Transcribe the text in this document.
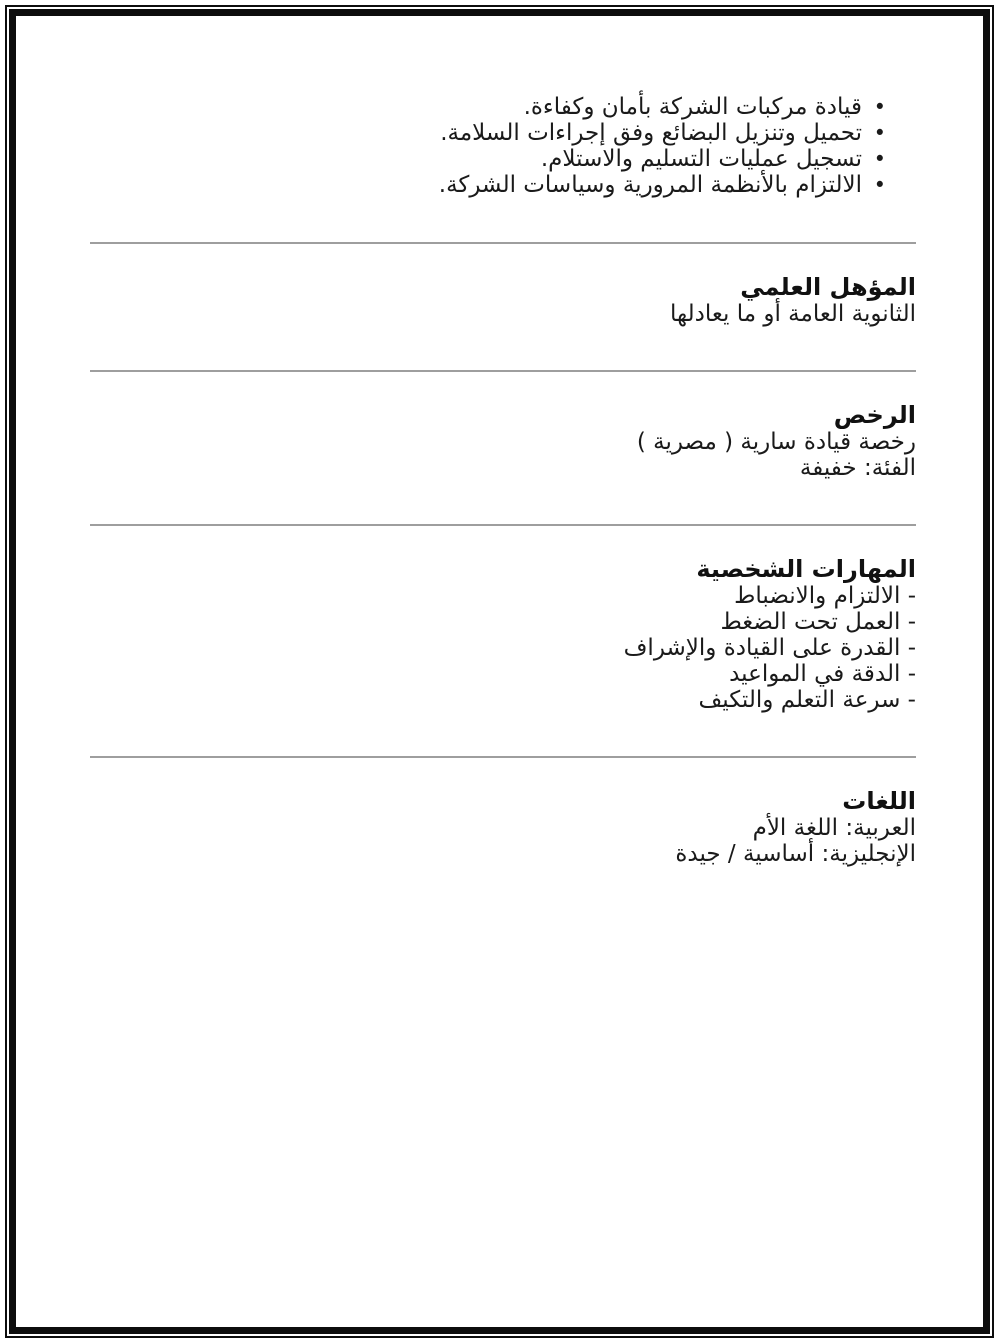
•
قيادة مركبات الشركة بأمان وكفاءة.
•
تحميل وتنزيل البضائع وفق إجراءات السلامة.
•
تسجيل عمليات التسليم والاستلام.
•
الالتزام بالأنظمة المرورية وسياسات الشركة.
المؤهل العلمي

الثانوية العامة أو ما يعادلها

الرخص

رخصة قيادة سارية ( مصرية )

الفئة: خفيفة

المهارات الشخصية

- الالتزام والانضباط

- العمل تحت الضغط

- القدرة على القيادة والإشراف

- الدقة في المواعيد

- سرعة التعلم والتكيف

اللغات

العربية: اللغة الأم

الإنجليزية: أساسية / جيدة
